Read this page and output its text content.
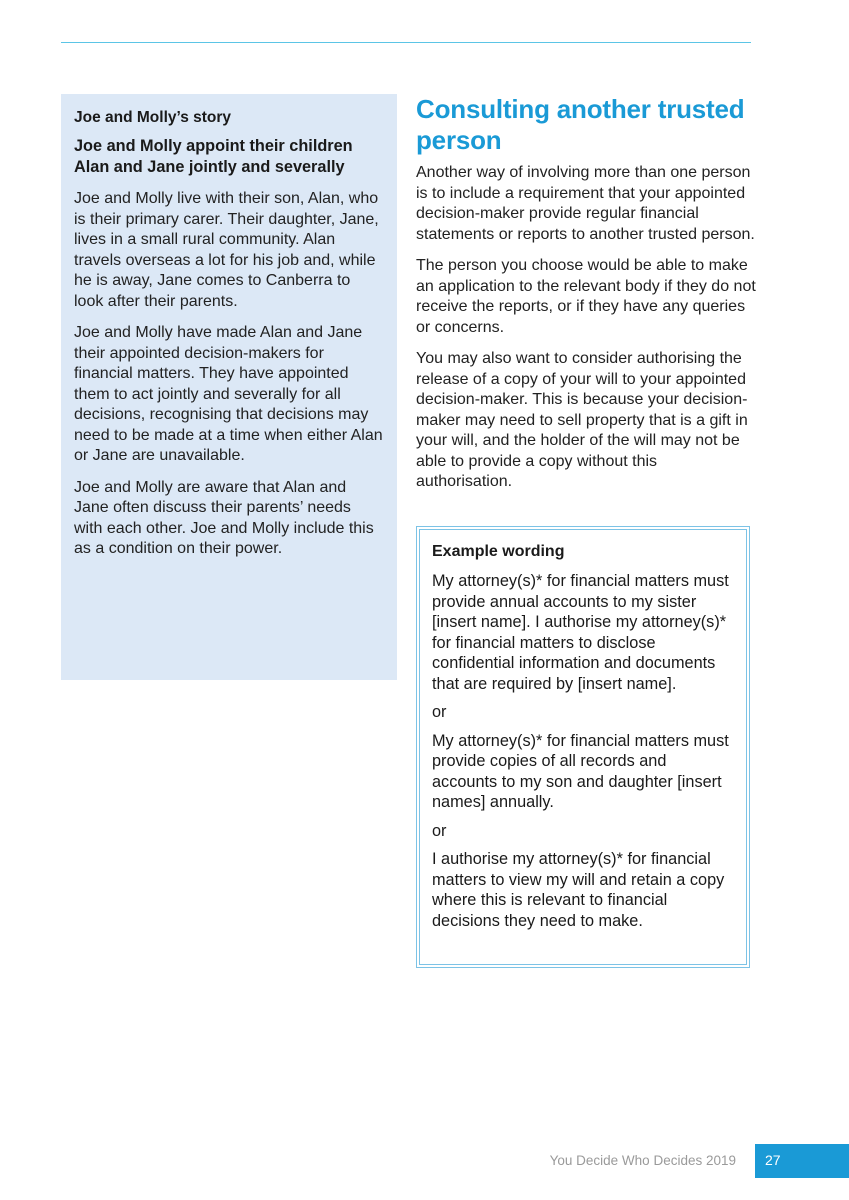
Joe and Molly’s story
Joe and Molly appoint their children Alan and Jane jointly and severally

Joe and Molly live with their son, Alan, who is their primary carer. Their daughter, Jane, lives in a small rural community. Alan travels overseas a lot for his job and, while he is away, Jane comes to Canberra to look after their parents.

Joe and Molly have made Alan and Jane their appointed decision-makers for financial matters. They have appointed them to act jointly and severally for all decisions, recognising that decisions may need to be made at a time when either Alan or Jane are unavailable.

Joe and Molly are aware that Alan and Jane often discuss their parents’ needs with each other. Joe and Molly include this as a condition on their power.

Consulting another trusted person

Another way of involving more than one person is to include a requirement that your appointed decision-maker provide regular financial statements or reports to another trusted person.

The person you choose would be able to make an application to the relevant body if they do not receive the reports, or if they have any queries or concerns.

You may also want to consider authorising the release of a copy of your will to your appointed decision-maker. This is because your decision-maker may need to sell property that is a gift in your will, and the holder of the will may not be able to provide a copy without this authorisation.

Example wording

My attorney(s)* for financial matters must provide annual accounts to my sister [insert name]. I authorise my attorney(s)* for financial matters to disclose confidential information and documents that are required by [insert name].

or

My attorney(s)* for financial matters must provide copies of all records and accounts to my son and daughter [insert names] annually.

or

I authorise my attorney(s)* for financial matters to view my will and retain a copy where this is relevant to financial decisions they need to make.

You Decide Who Decides 2019	27
